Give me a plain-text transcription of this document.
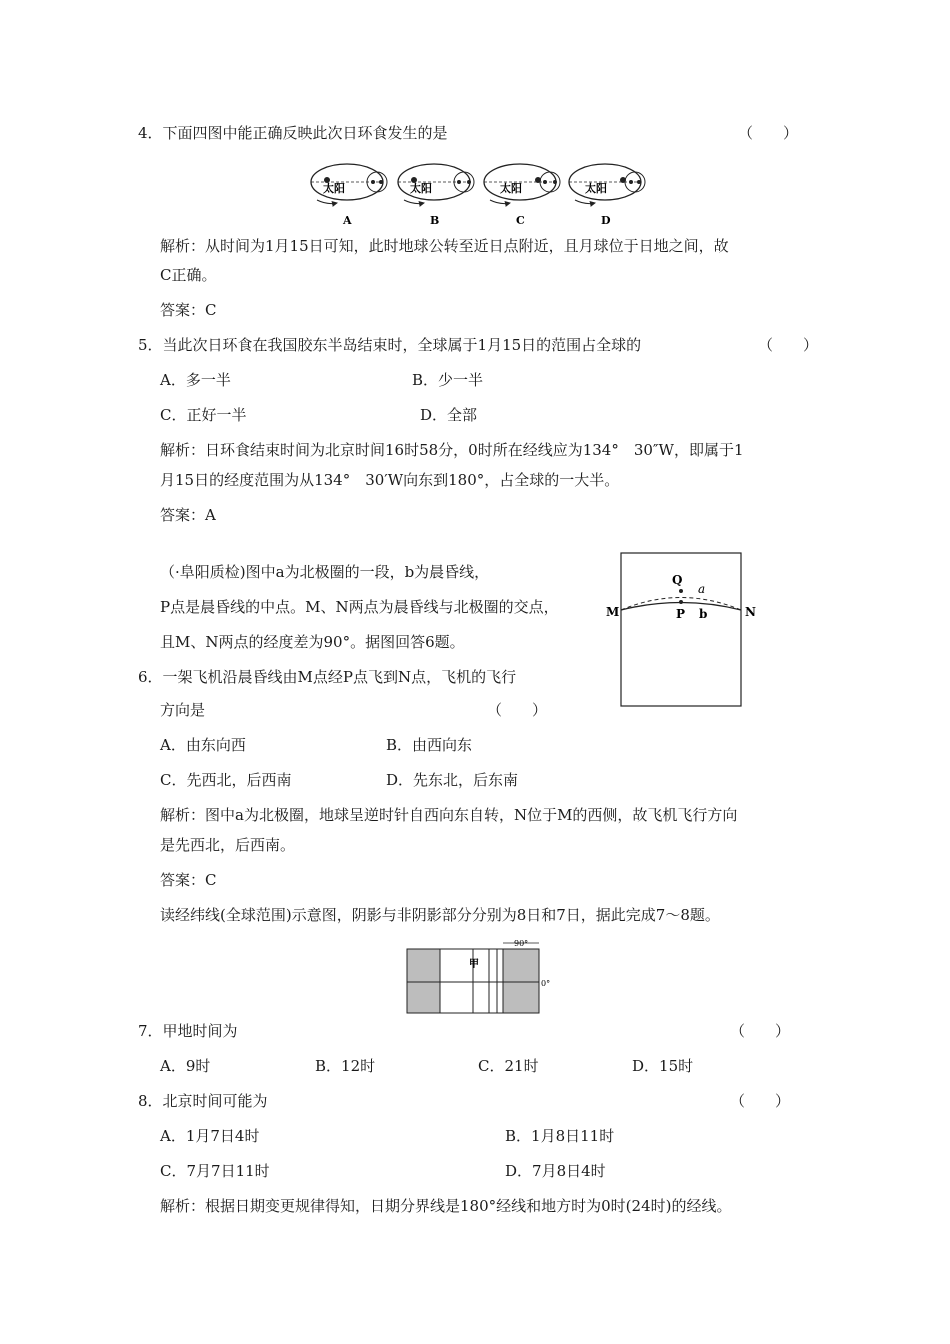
4．下面四图中能正确反映此次日环食发生的是	（　　）
太阳
A
太阳
B
太阳
C
太阳
D
解析：从时间为1月15日可知，此时地球公转至近日点附近，且月球位于日地之间，故
C正确。
答案：C
5．当此次日环食在我国胶东半岛结束时，全球属于1月15日的范围占全球的	（　　）
A．多一半	B．少一半
C．正好一半	D．全部
解析：日环食结束时间为北京时间16时58分，0时所在经线应为134°　30″W，即属于1
月15日的经度范围为从134°　30′W向东到180°，占全球的一大半。
答案：A
（·阜阳质检)图中a为北极圈的一段，b为晨昏线，
P点是晨昏线的中点。M、N两点为晨昏线与北极圈的交点，
且M、N两点的经度差为90°。据图回答6题。
Q
a
M	P b	N
6．一架飞机沿晨昏线由M点经P点飞到N点，飞机的飞行
方向是	（　　）
A．由东向西	B．由西向东
C．先西北，后西南	D．先东北，后东南
解析：图中a为北极圈，地球呈逆时针自西向东自转，N位于M的西侧，故飞机飞行方向
是先西北，后西南。
答案：C
读经纬线(全球范围)示意图，阴影与非阴影部分分别为8日和7日，据此完成7～8题。
甲
90°
0°
7．甲地时间为	（　　）
A．9时	B．12时	C．21时	D．15时
8．北京时间可能为	（　　）
A．1月7日4时	B．1月8日11时
C．7月7日11时	D．7月8日4时
解析：根据日期变更规律得知，日期分界线是180°经线和地方时为0时(24时)的经线。
